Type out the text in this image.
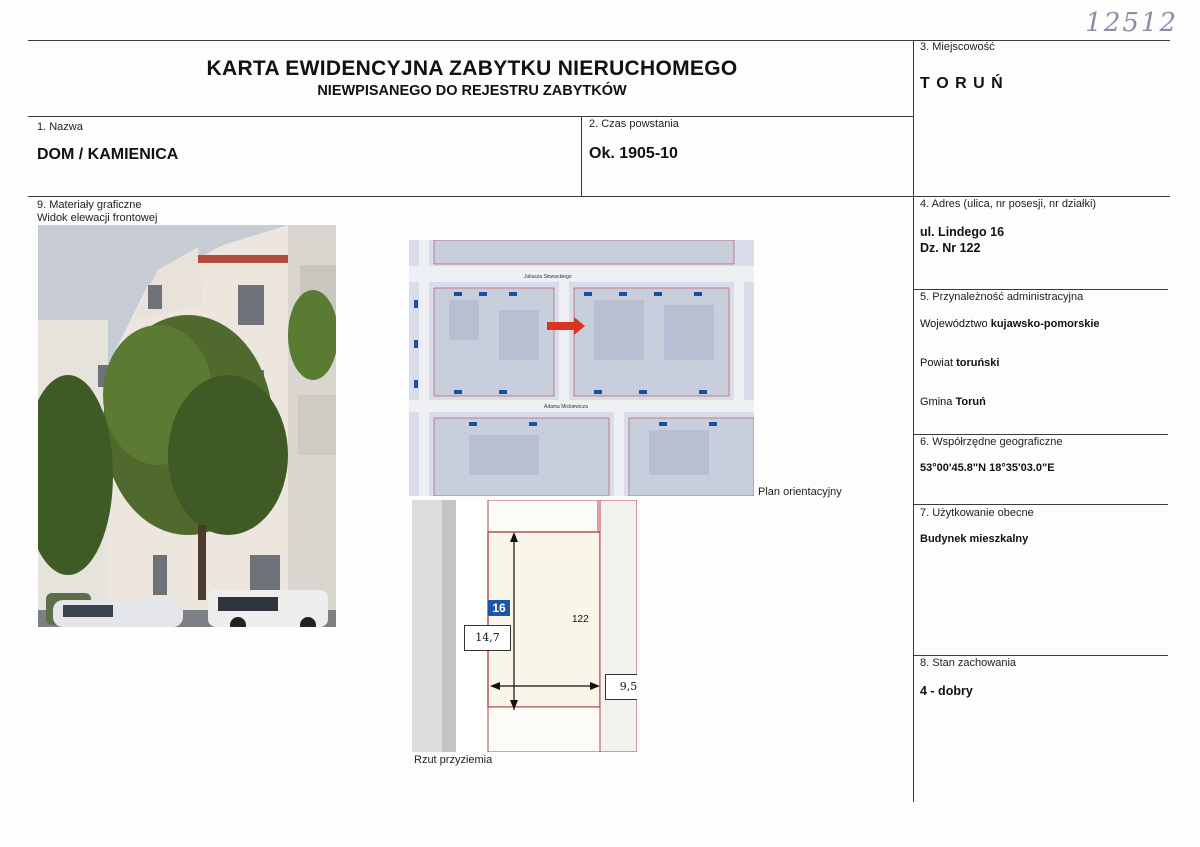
12512
KARTA EWIDENCYJNA ZABYTKU NIERUCHOMEGO
NIEWPISANEGO DO REJESTRU ZABYTKÓW
3. Miejscowość
T O R U Ń
1. Nazwa
DOM / KAMIENICA
2. Czas powstania
Ok. 1905-10
4. Adres (ulica, nr posesji, nr działki)
ul. Lindego 16
Dz. Nr 122
5. Przynależność administracyjna
Województwo kujawsko-pomorskie
Powiat toruński
Gmina Toruń
6. Współrzędne geograficzne
53°00'45.8"N 18°35'03.0"E
7. Użytkowanie obecne
Budynek mieszkalny
8. Stan zachowania
4 - dobry
9. Materiały graficzne
Widok elewacji frontowej
Juliusza Słowackiego
Adama Mickiewicza
Plan orientacyjny
16
122
14,7
9,5
Rzut przyziemia
